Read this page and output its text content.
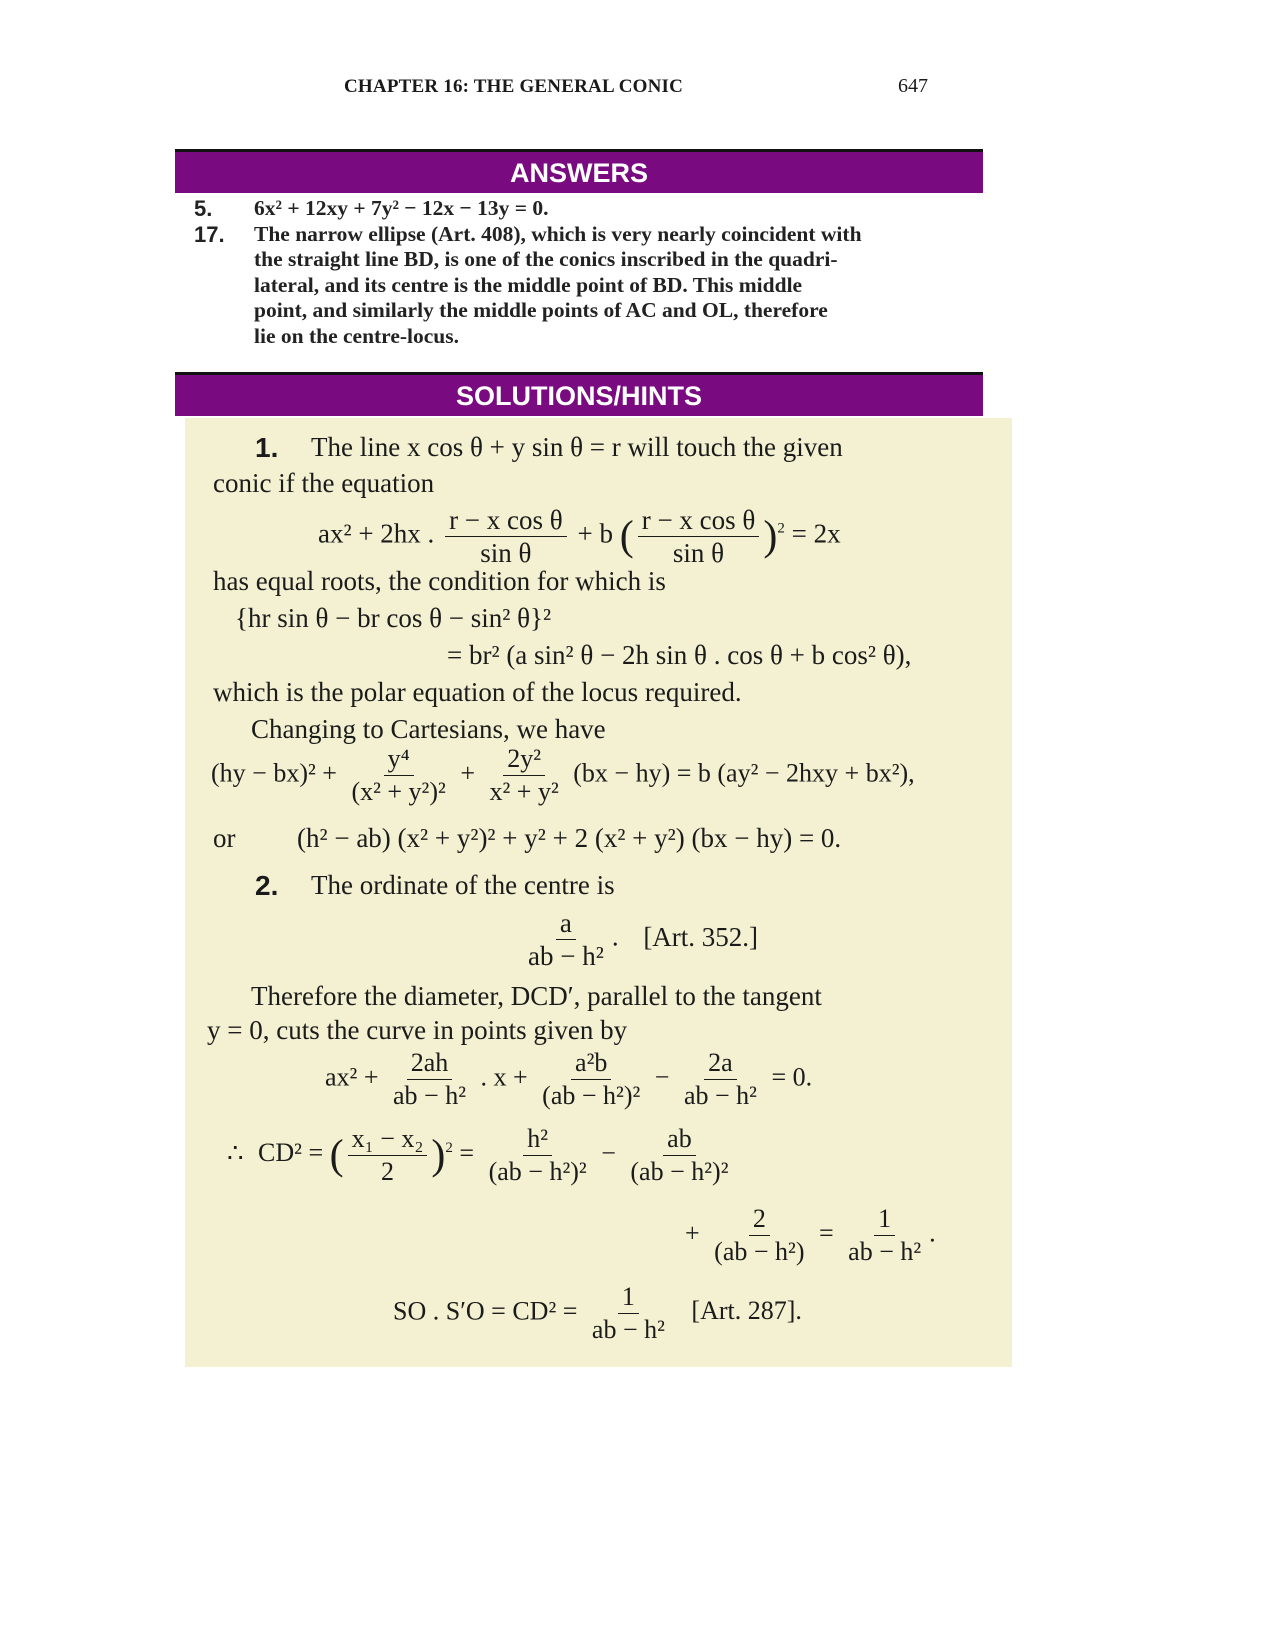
CHAPTER 16: THE GENERAL CONIC	647
ANSWERS
5.	6x² + 12xy + 7y² − 12x − 13y = 0.
17.	The narrow ellipse (Art. 408), which is very nearly coincident with
the straight line BD, is one of the conics inscribed in the quadri-
lateral, and its centre is the middle point of BD. This middle
point, and similarly the middle points of AC and OL, therefore
lie on the centre-locus.
SOLUTIONS/HINTS
1. The line x cos θ + y sin θ = r will touch the given
conic if the equation
ax² + 2hx . $\frac{\text{r − x cos θ}}{\text{sin θ}} + b$ ( $\frac{\text{r − x cos θ}}{\text{sin θ}} )^2 = 2x$
has equal roots, the condition for which is
{hr sin θ − br cos θ − sin² θ}²
= br² (a sin² θ − 2h sin θ . cos θ + b cos² θ),
which is the polar equation of the locus required.
Changing to Cartesians, we have
$(hy - bx)^2 + \frac{\text{y⁴}}{\text{(x² + y²)²}} + \frac{\text{2y²}}{\text{x² + y²}} (bx - hy) = b$ (ay² − 2hxy + bx²),
or (h² − ab) (x² + y²)² + y² + 2 (x² + y²) (bx − hy) = 0.
2. The ordinate of the centre is
$\frac{a}{\text{ab − h²}}$ . [Art. 352.]
Therefore the diameter, DCD′, parallel to the tangent
y = 0, cuts the curve in points given by
$ax^2 + \frac{2ah}{\text{ab − h²}}$ . $x + \frac{\text{a²b}}{\text{(ab − h²)²}} - \frac{2a}{\text{ab − h²}} = 0$.
∴ CD² = ( $\frac{\text{x₁ − x₂}}{2} )^2 = \frac{\text{h²}}{\text{(ab − h²)²}} - \frac{ab}{\text{(ab − h²)²}}$
+ $\frac{2}{\text{(ab − h²)}} = \frac{1}{\text{ab − h²}}$ .
SO . $S'O = CD^2 = \frac{1}{\text{ab − h²}} [Art$. 287].
